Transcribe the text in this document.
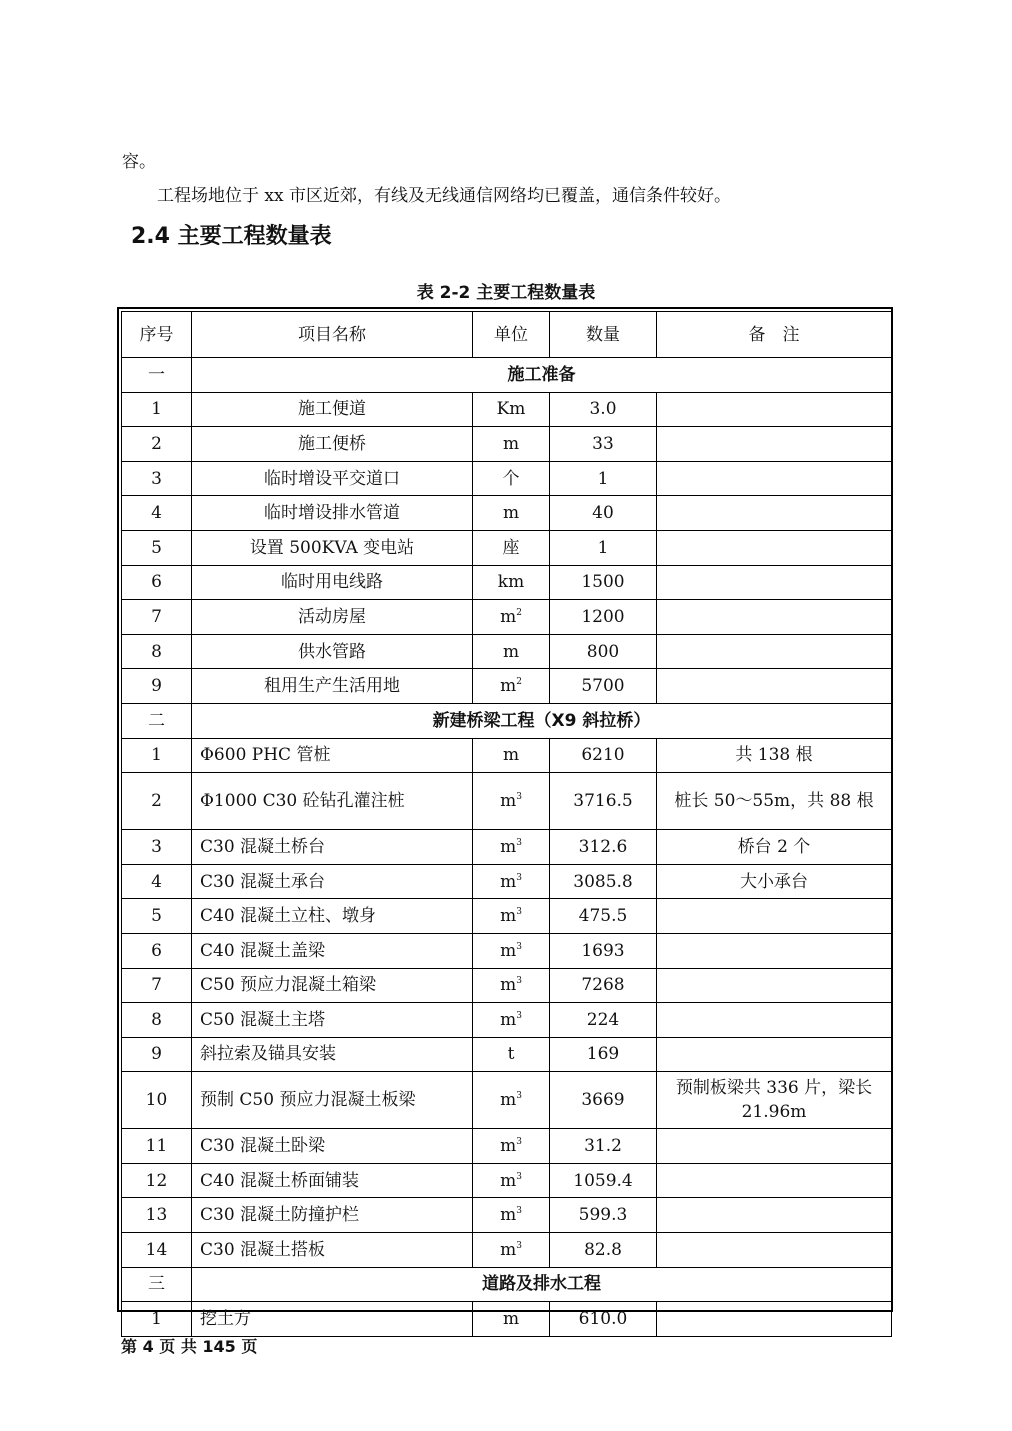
容。
工程场地位于 xx 市区近郊，有线及无线通信网络均已覆盖，通信条件较好。
2.4 主要工程数量表
表 2-2 主要工程数量表
序号	项目名称	单位	数量	备　注
一	施工准备			
1	施工便道	Km	3.0	
2	施工便桥	m	33	
3	临时增设平交道口	个	1	
4	临时增设排水管道	m	40	
5	设置 500KVA 变电站	座	1	
6	临时用电线路	km	1500	
7	活动房屋	$m^2$	1200	
8	供水管路	m	800	
9	租用生产生活用地	$m^2$	5700	
二	新建桥梁工程（X9 斜拉桥）			
1	Φ600 PHC 管桩	m	6210	共 138 根
2	Φ1000 C30 砼钻孔灌注桩	$m^3$	3716.5	桩长 50～55m，共 88 根
3	C30 混凝土桥台	$m^3$	312.6	桥台 2 个
4	C30 混凝土承台	$m^3$	3085.8	大小承台
5	C40 混凝土立柱、墩身	$m^3$	475.5	
6	C40 混凝土盖梁	$m^3$	1693	
7	C50 预应力混凝土箱梁	$m^3$	7268	
8	C50 混凝土主塔	$m^3$	224	
9	斜拉索及锚具安装	t	169	
10	预制 C50 预应力混凝土板梁	$m^3$	3669	预制板梁共 336 片，梁长 21.96m
11	C30 混凝土卧梁	$m^3$	31.2	
12	C40 混凝土桥面铺装	$m^3$	1059.4	
13	C30 混凝土防撞护栏	$m^3$	599.3	
14	C30 混凝土搭板	$m^3$	82.8	
三	道路及排水工程			
1	挖土方	m	610.0	
第 4 页 共 145 页
